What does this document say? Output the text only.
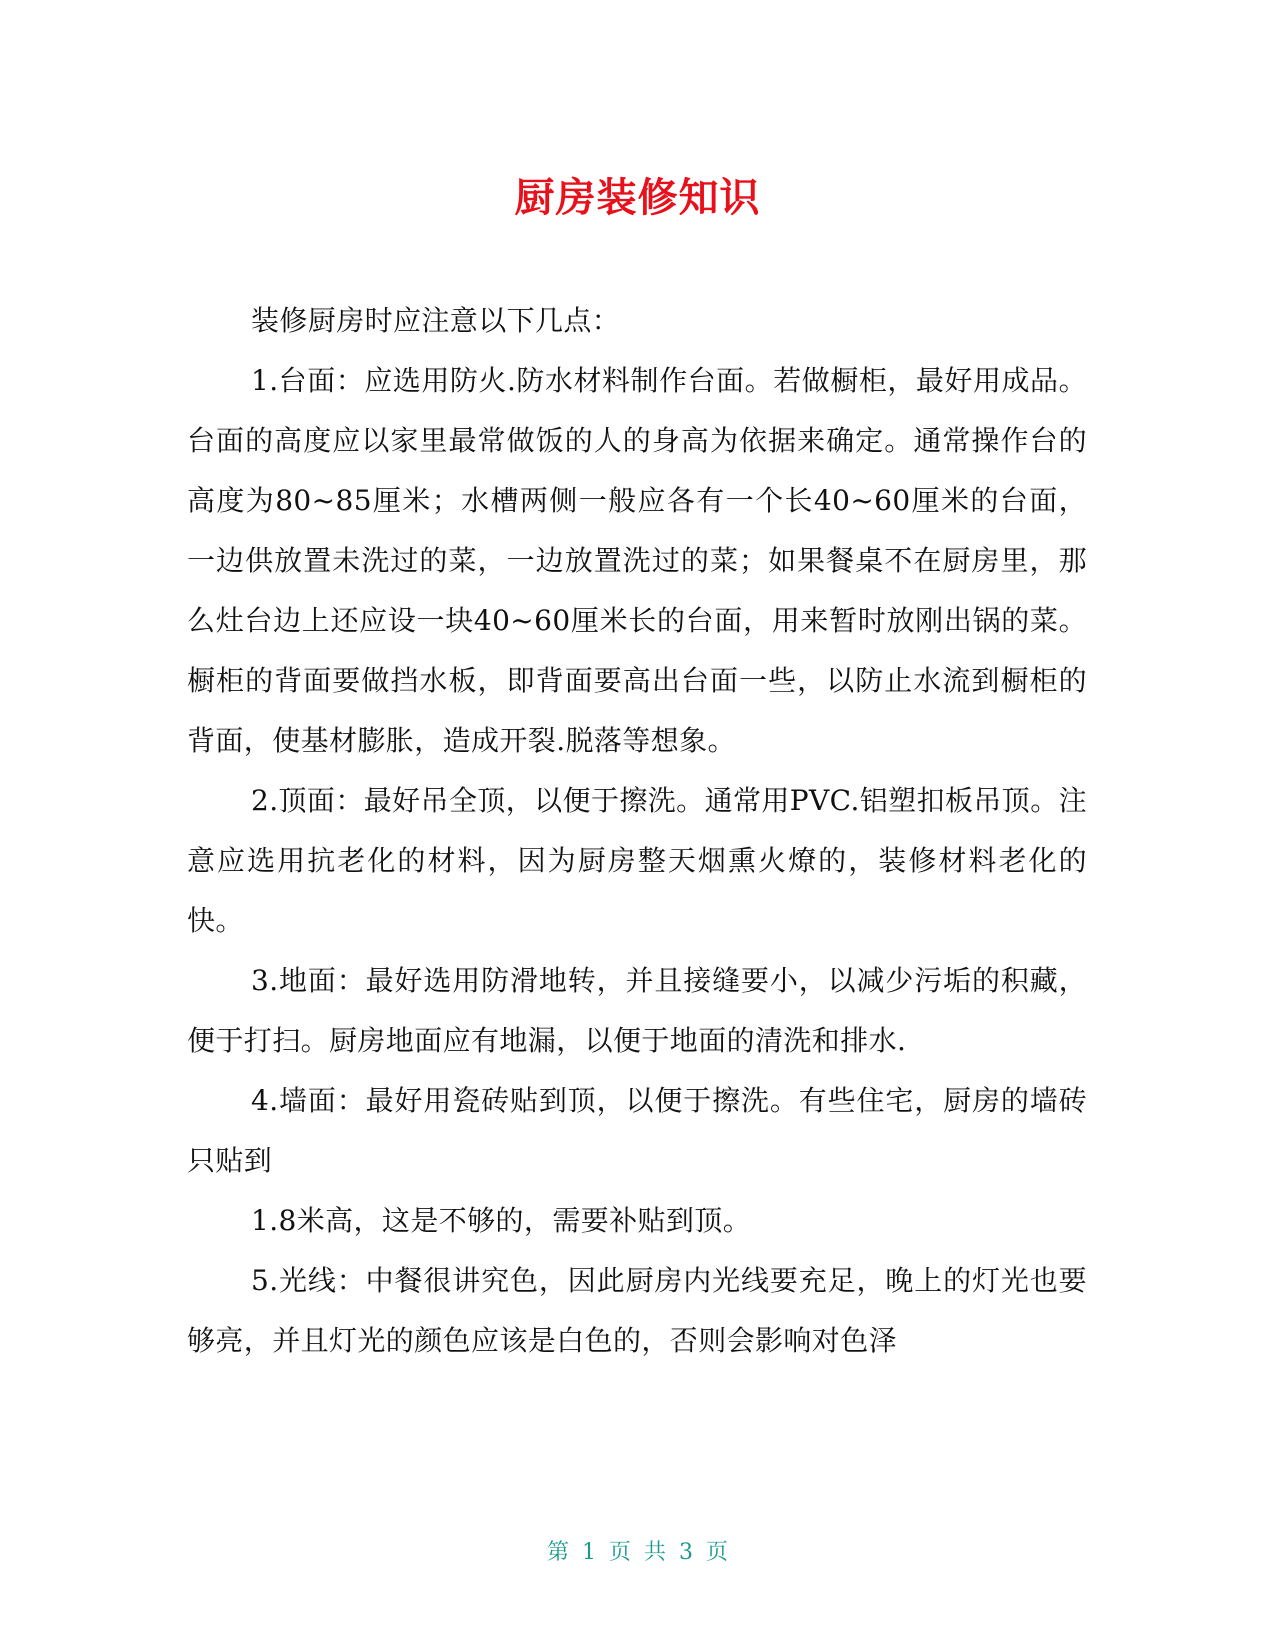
厨房装修知识

装修厨房时应注意以下几点：

1.台面：应选用防火.防水材料制作台面。若做橱柜，最好用成品。台面的高度应以家里最常做饭的人的身高为依据来确定。通常操作台的高度为80~85厘米；水槽两侧一般应各有一个长40~60厘米的台面，一边供放置未洗过的菜，一边放置洗过的菜；如果餐桌不在厨房里，那么灶台边上还应设一块40~60厘米长的台面，用来暂时放刚出锅的菜。橱柜的背面要做挡水板，即背面要高出台面一些，以防止水流到橱柜的背面，使基材膨胀，造成开裂.脱落等想象。

2.顶面：最好吊全顶，以便于擦洗。通常用PVC.铝塑扣板吊顶。注意应选用抗老化的材料，因为厨房整天烟熏火燎的，装修材料老化的快。

3.地面：最好选用防滑地转，并且接缝要小，以减少污垢的积藏，便于打扫。厨房地面应有地漏，以便于地面的清洗和排水.

4.墙面：最好用瓷砖贴到顶，以便于擦洗。有些住宅，厨房的墙砖只贴到

1.8米高，这是不够的，需要补贴到顶。

5.光线：中餐很讲究色，因此厨房内光线要充足，晚上的灯光也要够亮，并且灯光的颜色应该是白色的，否则会影响对色泽

第 1 页 共 3 页
